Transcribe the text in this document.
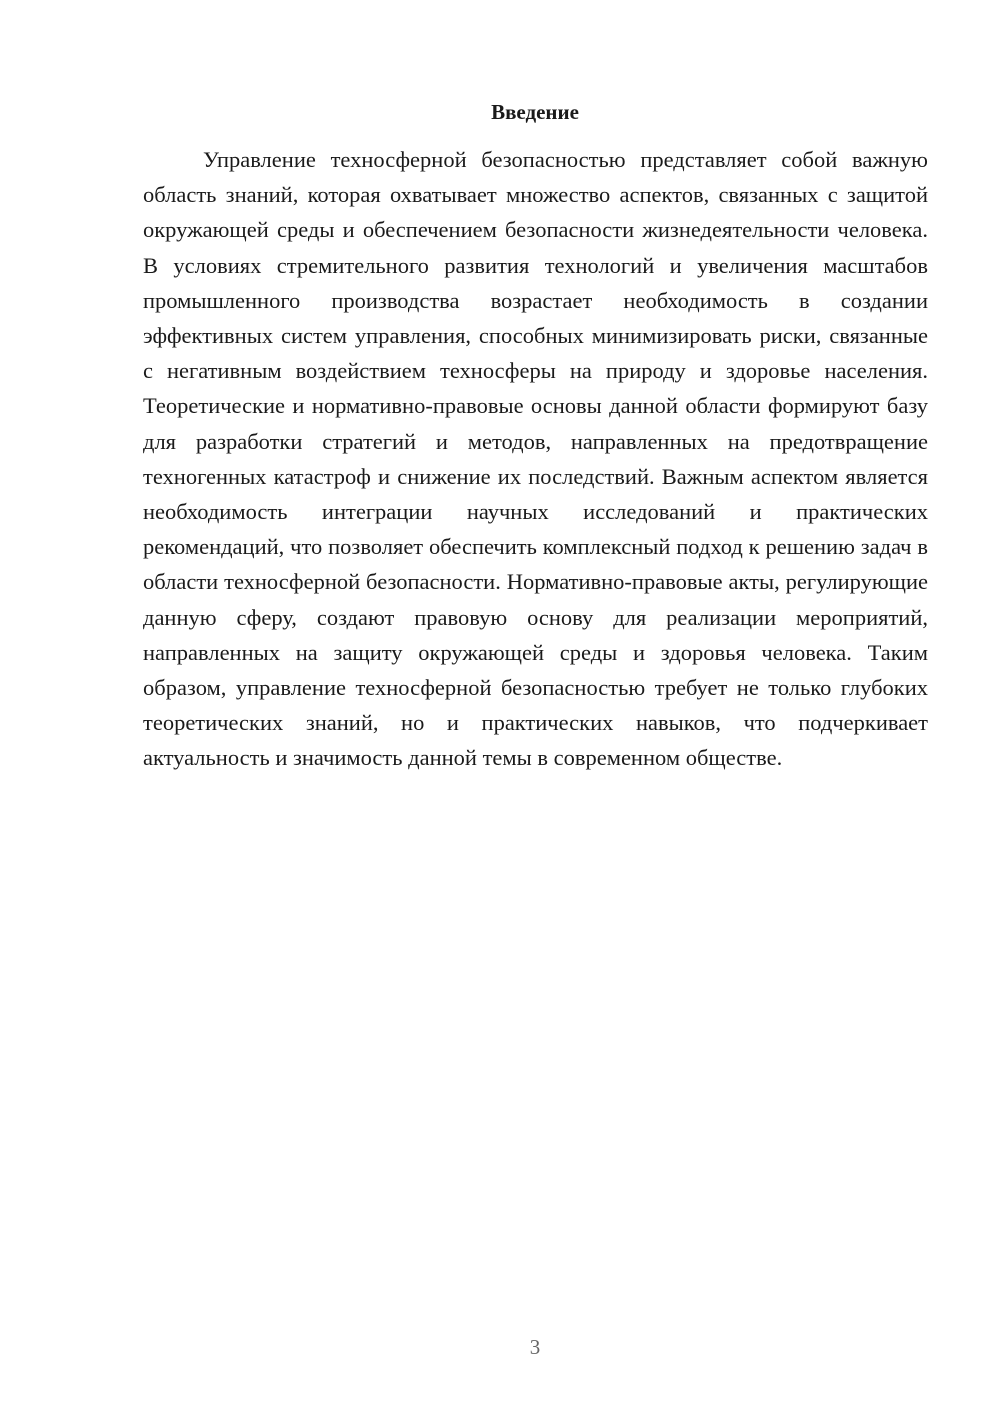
Введение

Управление техносферной безопасностью представляет собой важную область знаний, которая охватывает множество аспектов, связанных с защитой окружающей среды и обеспечением безопасности жизнедеятельности человека. В условиях стремительного развития технологий и увеличения масштабов промышленного производства возрастает необходимость в создании эффективных систем управления, способных минимизировать риски, связанные с негативным воздействием техносферы на природу и здоровье населения. Теоретические и нормативно-правовые основы данной области формируют базу для разработки стратегий и методов, направленных на предотвращение техногенных катастроф и снижение их последствий. Важным аспектом является необходимость интеграции научных исследований и практических рекомендаций, что позволяет обеспечить комплексный подход к решению задач в области техносферной безопасности. Нормативно-правовые акты, регулирующие данную сферу, создают правовую основу для реализации мероприятий, направленных на защиту окружающей среды и здоровья человека. Таким образом, управление техносферной безопасностью требует не только глубоких теоретических знаний, но и практических навыков, что подчеркивает актуальность и значимость данной темы в современном обществе.

3
